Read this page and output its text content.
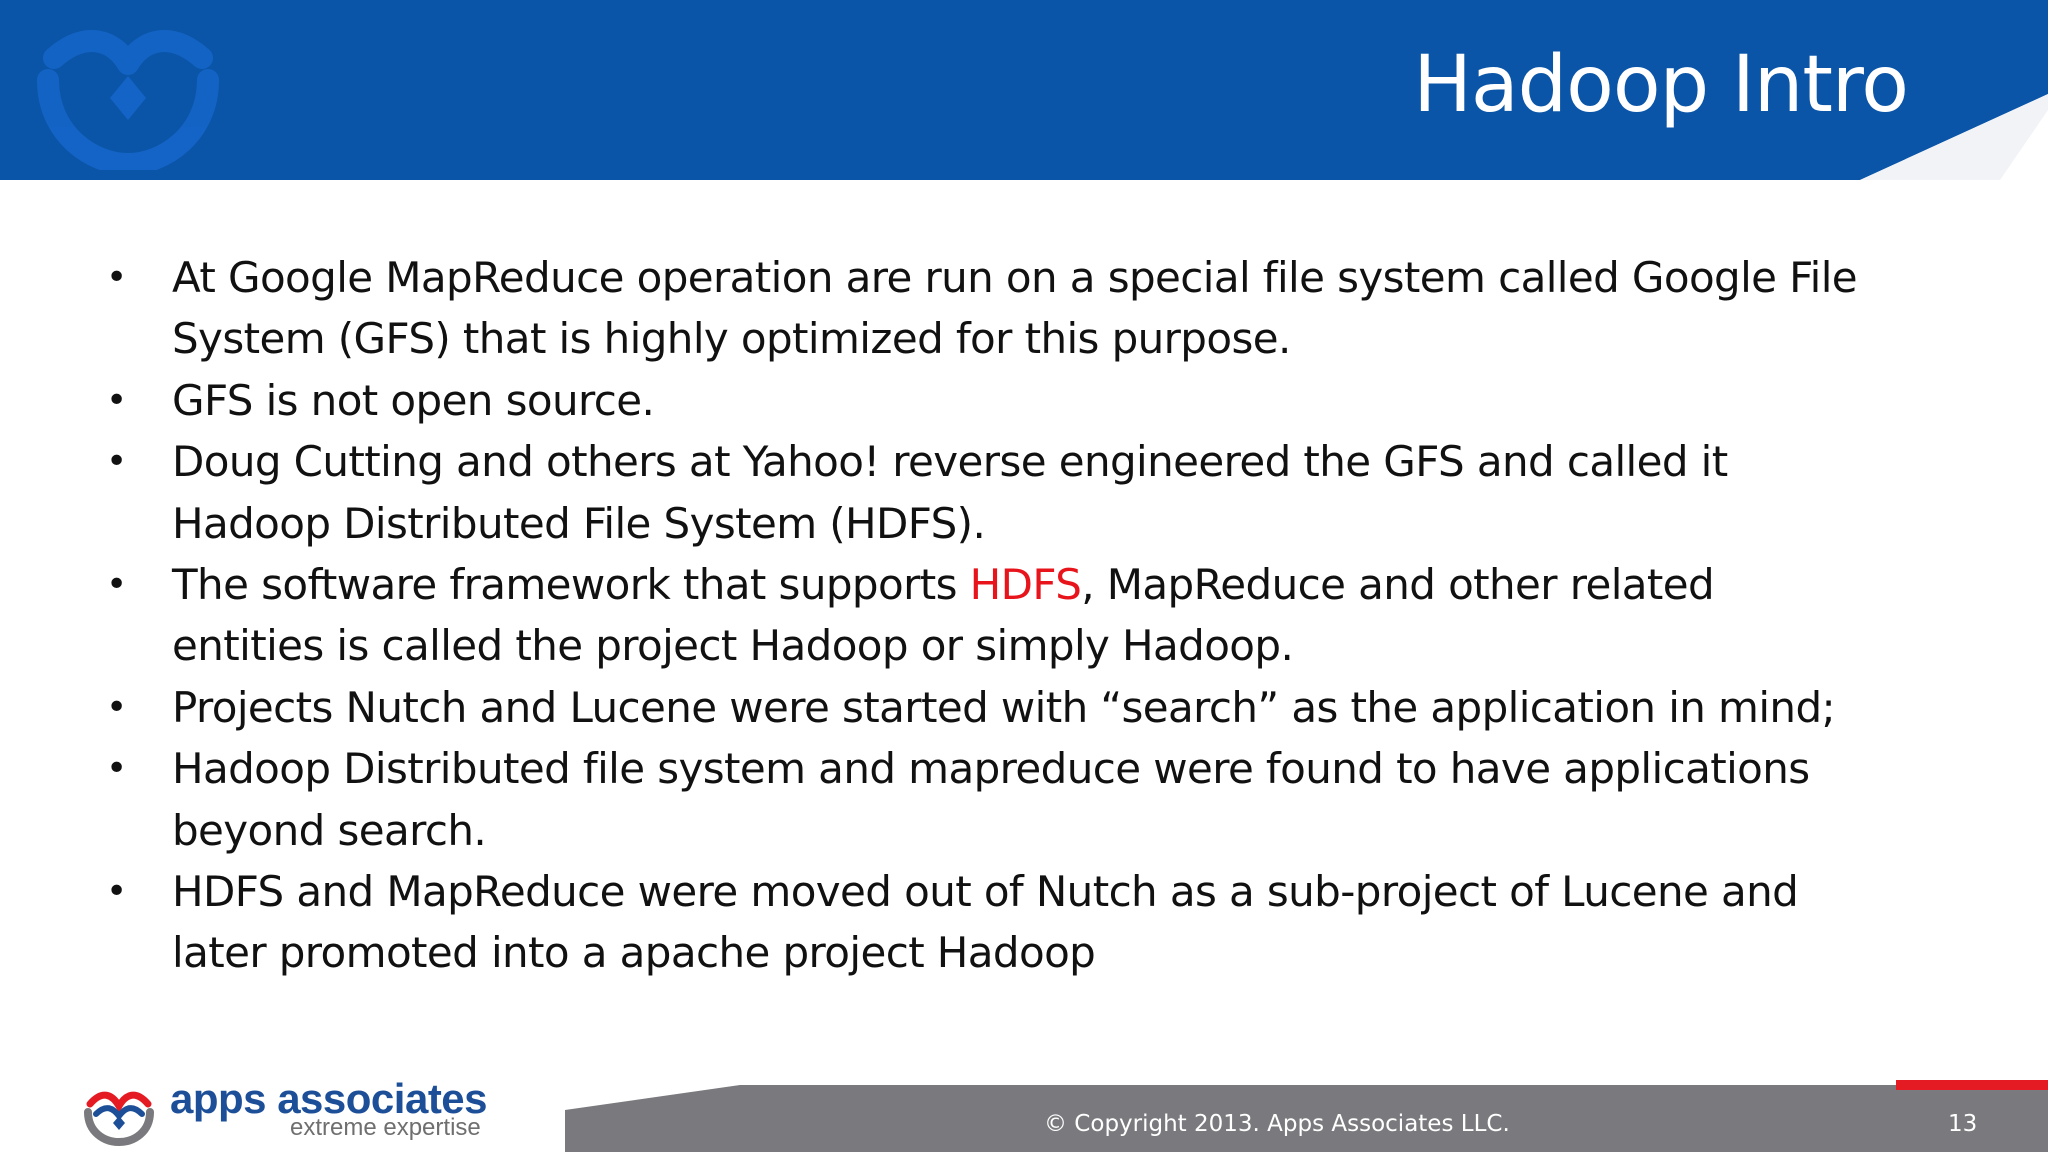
Hadoop Intro
• At Google MapReduce operation are run on a special file system called Google File
System (GFS) that is highly optimized for this purpose.
• GFS is not open source.
• Doug Cutting and others at Yahoo! reverse engineered the GFS and called it
Hadoop Distributed File System (HDFS).
• The software framework that supports HDFS, MapReduce and other related
entities is called the project Hadoop or simply Hadoop.
• Projects Nutch and Lucene were started with “search” as the application in mind;
• Hadoop Distributed file system and mapreduce were found to have applications
beyond search.
• HDFS and MapReduce were moved out of Nutch as a sub-project of Lucene and
later promoted into a apache project Hadoop
apps associates
extreme expertise	© Copyright 2013. Apps Associates LLC.	13
